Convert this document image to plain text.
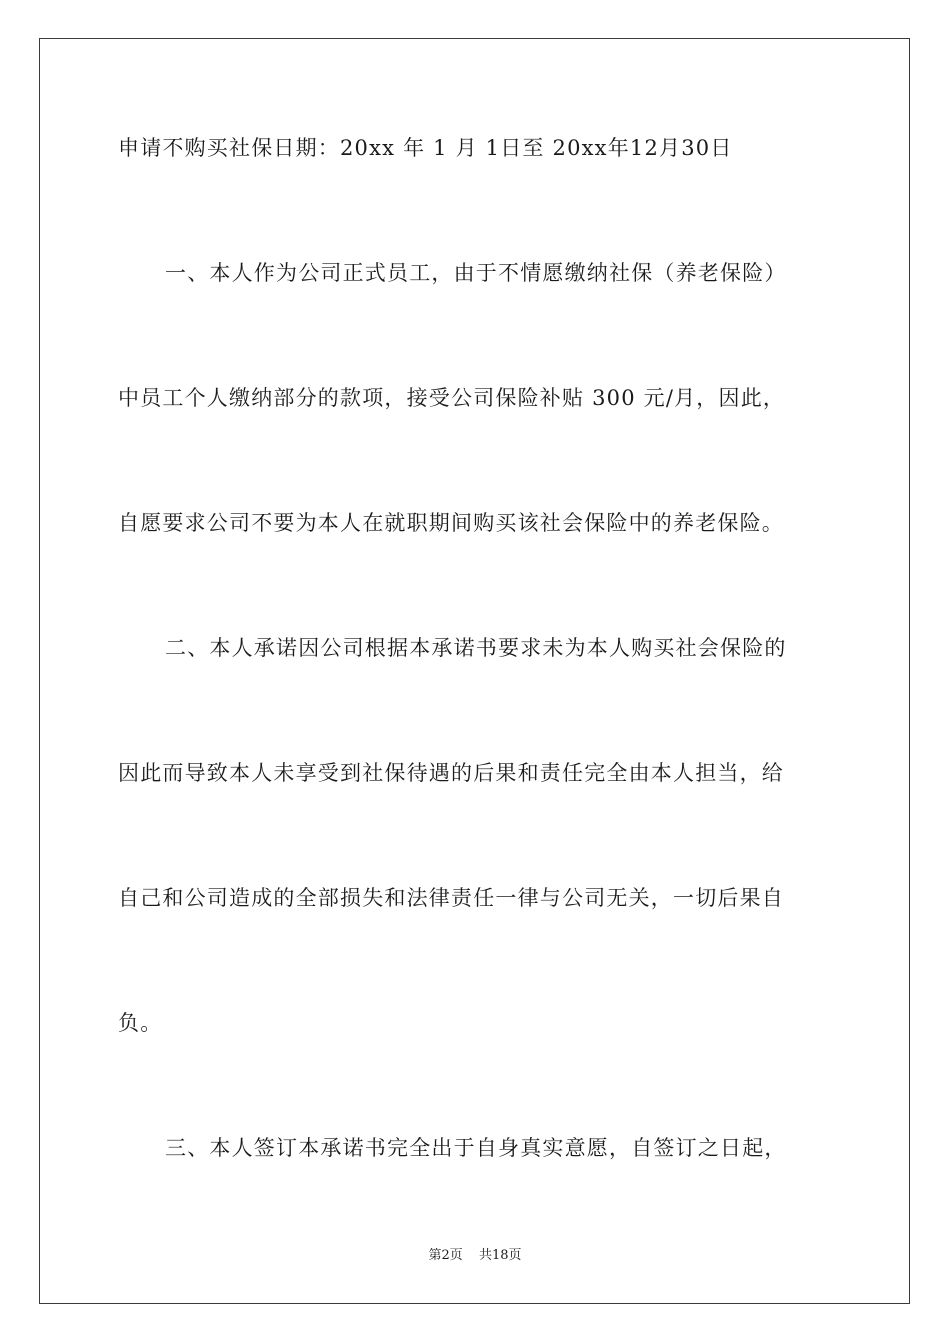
申请不购买社保日期：20xx 年 1 月 1日至 20xx年12月30日
一、本人作为公司正式员工，由于不情愿缴纳社保（养老保险）
中员工个人缴纳部分的款项，接受公司保险补贴 300 元/月，因此，
自愿要求公司不要为本人在就职期间购买该社会保险中的养老保险。
二、本人承诺因公司根据本承诺书要求未为本人购买社会保险的
因此而导致本人未享受到社保待遇的后果和责任完全由本人担当，给
自己和公司造成的全部损失和法律责任一律与公司无关，一切后果自
负。
三、本人签订本承诺书完全出于自身真实意愿，自签订之日起，
第2页 共18页
